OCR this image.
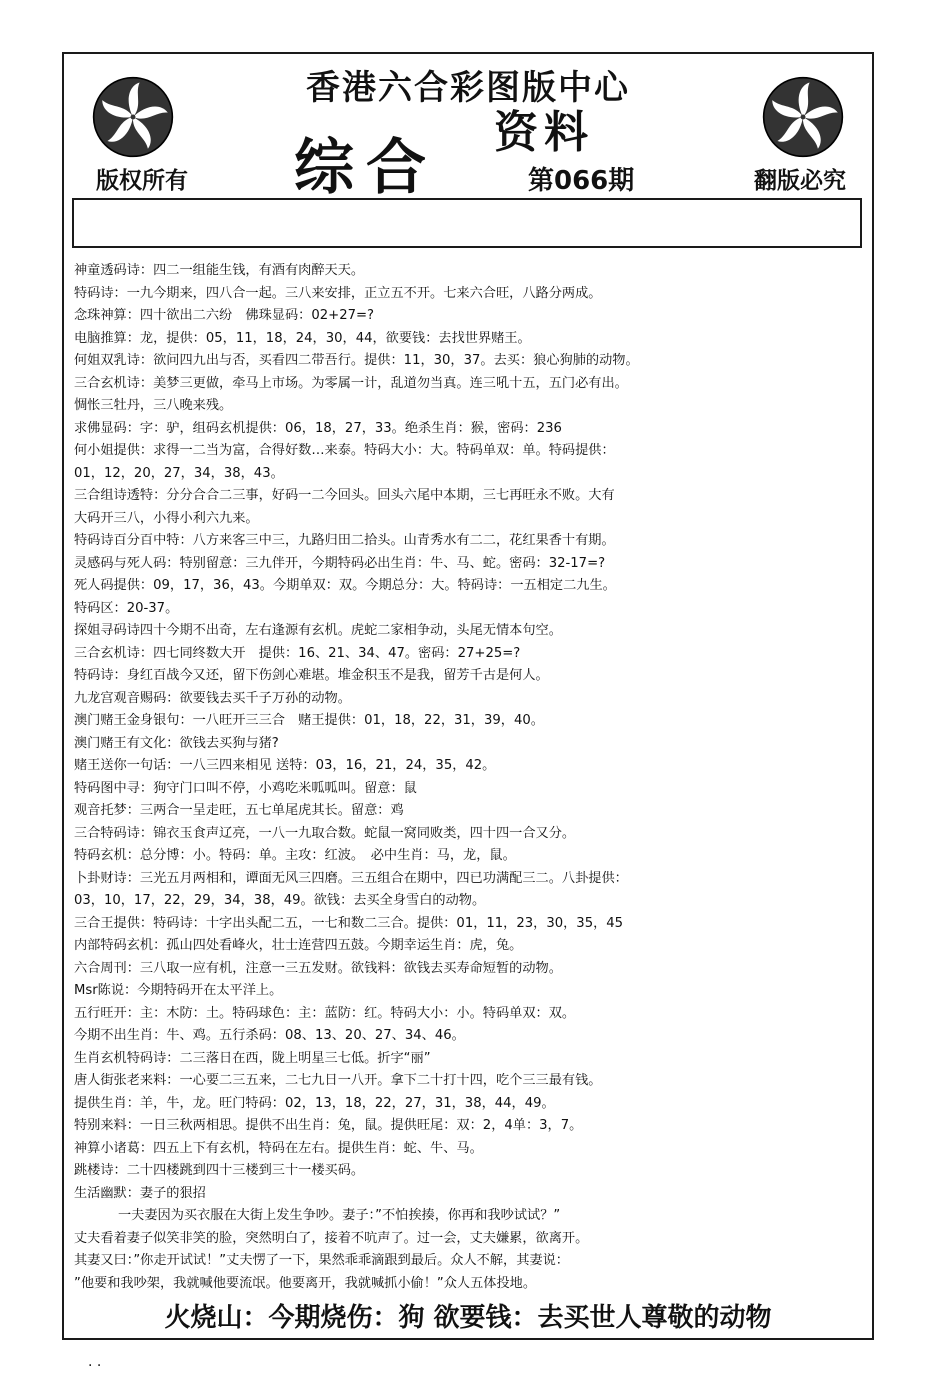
香港六合彩图版中心
综合
资料
第066期
版权所有	翻版必究
神童透码诗：四二一组能生钱，有酒有肉醉天天。
特码诗：一九今期来，四八合一起。三八来安排，正立五不开。七来六合旺，八路分两成。
念珠神算：四十欲出二六纷　佛珠显码：02+27=?
电脑推算：龙，提供：05，11，18，24，30，44，欲要钱：去找世界赌王。
何姐双乳诗：欲问四九出与否，买看四二带吾行。提供：11，30，37。去买：狼心狗肺的动物。
三合玄机诗：美梦三更做，牵马上市场。为零属一计，乱道勿当真。连三吼十五，五门必有出。
惆怅三牡丹，三八晚来残。
求佛显码：字：驴，组码玄机提供：06，18，27，33。绝杀生肖：猴，密码：236
何小姐提供：求得一二当为富，合得好数…来泰。特码大小：大。特码单双：单。特码提供：
01，12，20，27，34，38，43。
三合组诗透特：分分合合二三事，好码一二今回头。回头六尾中本期，三七再旺永不败。大有
大码开三八，小得小利六九来。
特码诗百分百中特：八方来客三中三，九路归田二拾头。山青秀水有二二，花红果香十有期。
灵感码与死人码：特别留意：三九伴开，今期特码必出生肖：牛、马、蛇。密码：32-17=?
死人码提供：09，17，36，43。今期单双：双。今期总分：大。特码诗：一五相定二九生。
特码区：20-37。
探姐寻码诗四十今期不出奇，左右逢源有玄机。虎蛇二家相争动，头尾无情本句空。
三合玄机诗：四七同终数大开　提供：16、21、34、47。密码：27+25=?
特码诗：身红百战今又还，留下伤剑心难堪。堆金积玉不是我，留芳千古是何人。
九龙宫观音赐码：欲要钱去买千子万孙的动物。
澳门赌王金身银句：一八旺开三三合　赌王提供：01，18，22，31，39，40。
澳门赌王有文化：欲钱去买狗与猪?
赌王送你一句话：一八三四来相见 送特：03，16，21，24，35，42。
特码图中寻：狗守门口叫不停，小鸡吃米呱呱叫。留意：鼠
观音托梦：三两合一呈走旺，五七单尾虎其长。留意：鸡
三合特码诗：锦衣玉食声辽亮，一八一九取合数。蛇鼠一窝同败类，四十四一合又分。
特码玄机：总分博：小。特码：单。主攻：红波。　必中生肖：马，龙，鼠。
卜卦财诗：三光五月两相和，谭面无风三四磨。三五组合在期中，四已功满配三二。八卦提供：
03，10，17，22，29，34，38，49。欲钱：去买全身雪白的动物。
三合王提供：特码诗：十字出头配二五，一七和数二三合。提供：01，11，23，30，35，45
内部特码玄机：孤山四处看峰火，壮士连营四五鼓。今期幸运生肖：虎，兔。
六合周刊：三八取一应有机，注意一三五发财。欲钱料：欲钱去买寿命短暂的动物。
Msr陈说：今期特码开在太平洋上。
五行旺开：主：木防：土。特码球色：主：蓝防：红。特码大小：小。特码单双：双。
今期不出生肖：牛、鸡。五行杀码：08、13、20、27、34、46。
生肖玄机特码诗：二三落日在西，陇上明星三七低。折字“丽”
唐人街张老来料：一心要二三五来，二七九日一八开。拿下二十打十四，吃个三三最有钱。
提供生肖：羊，牛，龙。旺门特码：02，13，18，22，27，31，38，44，49。
特别来料：一日三秋两相思。提供不出生肖：兔，鼠。提供旺尾：双：2，4单：3，7。
神算小诸葛：四五上下有玄机，特码在左右。提供生肖：蛇、牛、马。
跳楼诗：二十四楼跳到四十三楼到三十一楼买码。
生活幽默：妻子的狠招
一夫妻因为买衣服在大街上发生争吵。妻子：”不怕挨揍，你再和我吵试试？”
丈夫看着妻子似笑非笑的脸，突然明白了，接着不吭声了。过一会，丈夫嫌累，欲离开。
其妻又曰：”你走开试试！”丈夫愣了一下，果然乖乖滴跟到最后。众人不解，其妻说：
”他要和我吵架，我就喊他要流氓。他要离开，我就喊抓小偷！”众人五体投地。
火烧山：今期烧伤：狗 欲要钱：去买世人尊敬的动物
. .
